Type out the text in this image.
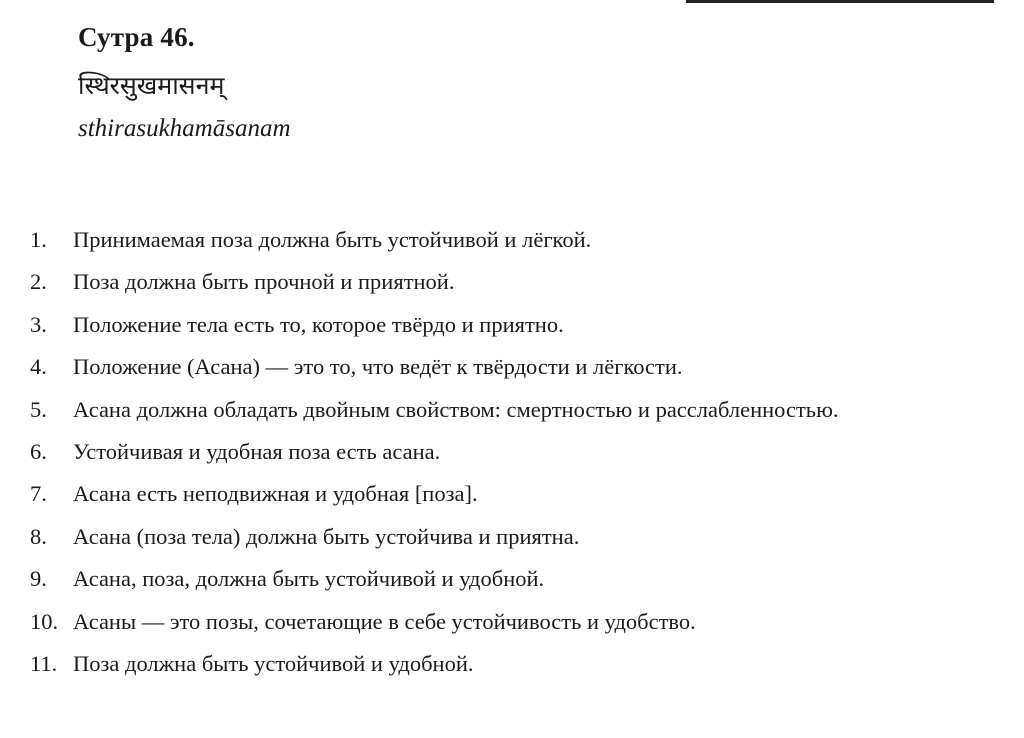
Сутра 46.
स्थिरसुखमासनम्
sthirasukhamāsanam
1.	Принимаемая поза должна быть устойчивой и лёгкой.
2.	Поза должна быть прочной и приятной.
3.	Положение тела есть то, которое твёрдо и приятно.
4.	Положение (Асана) — это то, что ведёт к твёрдости и лёгкости.
5.	Асана должна обладать двойным свойством: смертностью и расслабленностью.
6.	Устойчивая и удобная поза есть асана.
7.	Асана есть неподвижная и удобная [поза].
8.	Асана (поза тела) должна быть устойчива и приятна.
9.	Асана, поза, должна быть устойчивой и удобной.
10. Асаны — это позы, сочетающие в себе устойчивость и удобство.
11. Поза должна быть устойчивой и удобной.
